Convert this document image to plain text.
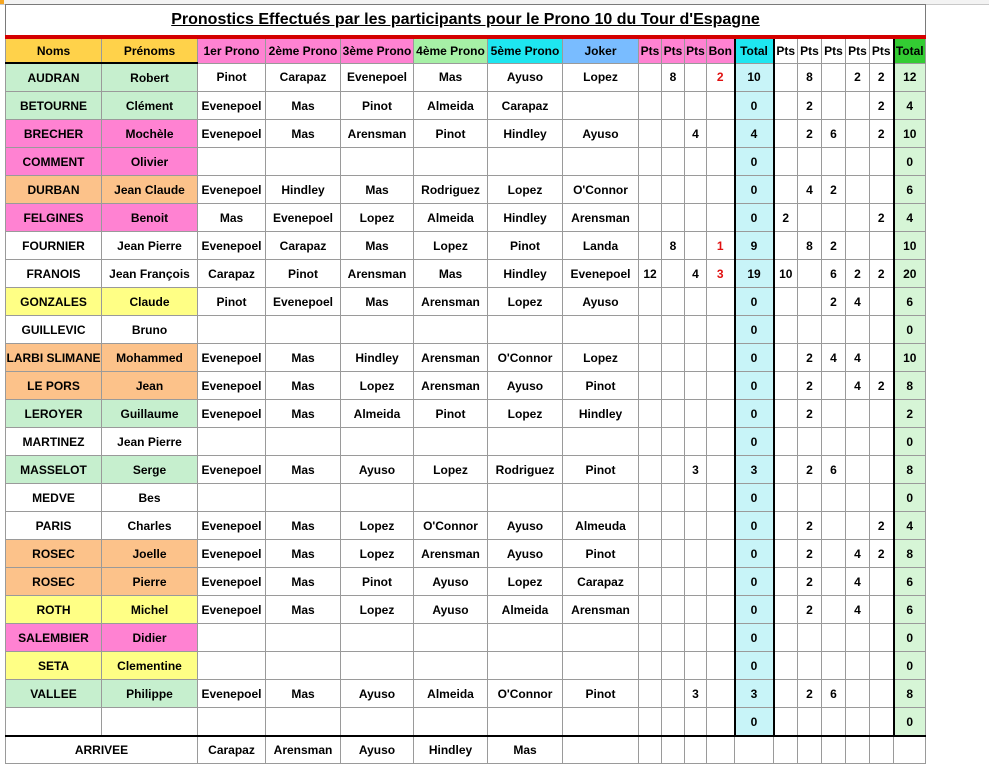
Pronostics Effectués par les participants pour le Prono 10 du Tour d'Espagne																		
Noms	Prénoms	1er Prono	2ème Prono	3ème Prono	4ème Prono	5ème Prono	Joker	Pts	Pts	Pts	Bon	Total	Pts	Pts	Pts	Pts	Pts	Total
AUDRAN	Robert	Pinot	Carapaz	Evenepoel	Mas	Ayuso	Lopez		8		2	10		8		2	2	12
BETOURNE	Clément	Evenepoel	Mas	Pinot	Almeida	Carapaz						0		2			2	4
BRECHER	Mochèle	Evenepoel	Mas	Arensman	Pinot	Hindley	Ayuso			4		4		2	6		2	10
COMMENT	Olivier											0						0
DURBAN	Jean Claude	Evenepoel	Hindley	Mas	Rodriguez	Lopez	O'Connor					0		4	2			6
FELGINES	Benoit	Mas	Evenepoel	Lopez	Almeida	Hindley	Arensman					0	2				2	4
FOURNIER	Jean Pierre	Evenepoel	Carapaz	Mas	Lopez	Pinot	Landa		8		1	9		8	2			10
FRANOIS	Jean François	Carapaz	Pinot	Arensman	Mas	Hindley	Evenepoel	12		4	3	19	10		6	2	2	20
GONZALES	Claude	Pinot	Evenepoel	Mas	Arensman	Lopez	Ayuso					0			2	4		6
GUILLEVIC	Bruno											0						0
LARBI SLIMANE	Mohammed	Evenepoel	Mas	Hindley	Arensman	O'Connor	Lopez					0		2	4	4		10
LE PORS	Jean	Evenepoel	Mas	Lopez	Arensman	Ayuso	Pinot					0		2		4	2	8
LEROYER	Guillaume	Evenepoel	Mas	Almeida	Pinot	Lopez	Hindley					0		2				2
MARTINEZ	Jean Pierre											0						0
MASSELOT	Serge	Evenepoel	Mas	Ayuso	Lopez	Rodriguez	Pinot			3		3		2	6			8
MEDVE	Bes											0						0
PARIS	Charles	Evenepoel	Mas	Lopez	O'Connor	Ayuso	Almeuda					0		2			2	4
ROSEC	Joelle	Evenepoel	Mas	Lopez	Arensman	Ayuso	Pinot					0		2		4	2	8
ROSEC	Pierre	Evenepoel	Mas	Pinot	Ayuso	Lopez	Carapaz					0		2		4		6
ROTH	Michel	Evenepoel	Mas	Lopez	Ayuso	Almeida	Arensman					0		2		4		6
SALEMBIER	Didier											0						0
SETA	Clementine											0						0
VALLEE	Philippe	Evenepoel	Mas	Ayuso	Almeida	O'Connor	Pinot			3		3		2	6			8
												0						0
ARRIVEE		Carapaz	Arensman	Ayuso	Hindley	Mas												
